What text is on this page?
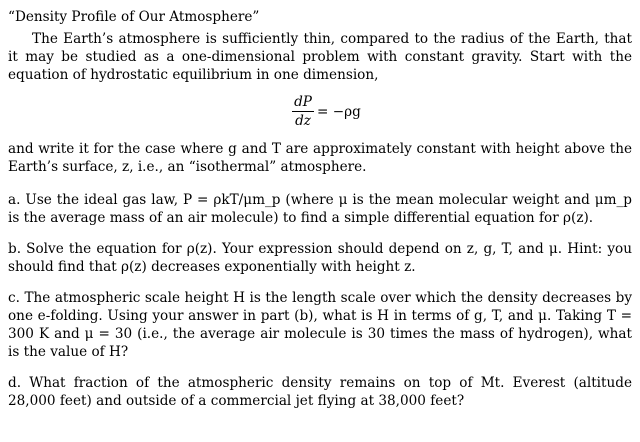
“Density Profile of Our Atmosphere”

The Earth’s atmosphere is sufficiently thin, compared to the radius of the Earth, that it may be studied as a one-dimensional problem with constant gravity. Start with the equation of hydrostatic equilibrium in one dimension,

dP
dz
= −ρg

and write it for the case where g and T are approximately constant with height above the Earth’s surface, z, i.e., an “isothermal” atmosphere.

a. Use the ideal gas law, P = ρkT/μm_p (where μ is the mean molecular weight and μm_p is the average mass of an air molecule) to find a simple differential equation for ρ(z).

b. Solve the equation for ρ(z). Your expression should depend on z, g, T, and μ. Hint: you should find that ρ(z) decreases exponentially with height z.

c. The atmospheric scale height H is the length scale over which the density decreases by one e-folding. Using your answer in part (b), what is H in terms of g, T, and μ. Taking T = 300 K and μ = 30 (i.e., the average air molecule is 30 times the mass of hydrogen), what is the value of H?

d. What fraction of the atmospheric density remains on top of Mt. Everest (altitude 28,000 feet) and outside of a commercial jet flying at 38,000 feet?
